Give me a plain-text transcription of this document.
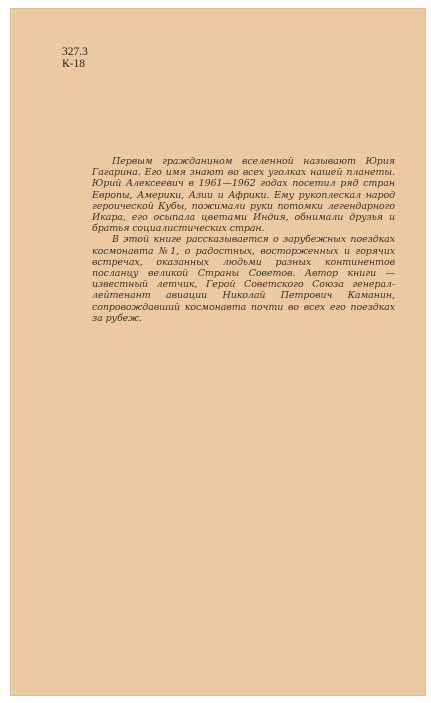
327.3
К-18

Первым гражданином вселенной называют Юрия Гагарина. Его имя знают во всех уголках нашей планеты. Юрий Алексеевич в 1961—1962 годах посетил ряд стран Европы, Америки, Азии и Африки. Ему рукоплескал народ героической Кубы, пожимали руки потомки легендарного Икара, его осыпала цветами Индия, обнимали друзья и братья социалистических стран.

В этой книге рассказывается о зарубежных поездках космонавта №1, о радостных, восторженных и горячих встречах, оказанных людьми разных континентов посланцу великой Страны Советов. Автор книги — известный летчик, Герой Советского Союза генерал-лейтенант авиации Николай Петрович Каманин, сопровождавший космонавта почти во всех его поездках за рубеж.
